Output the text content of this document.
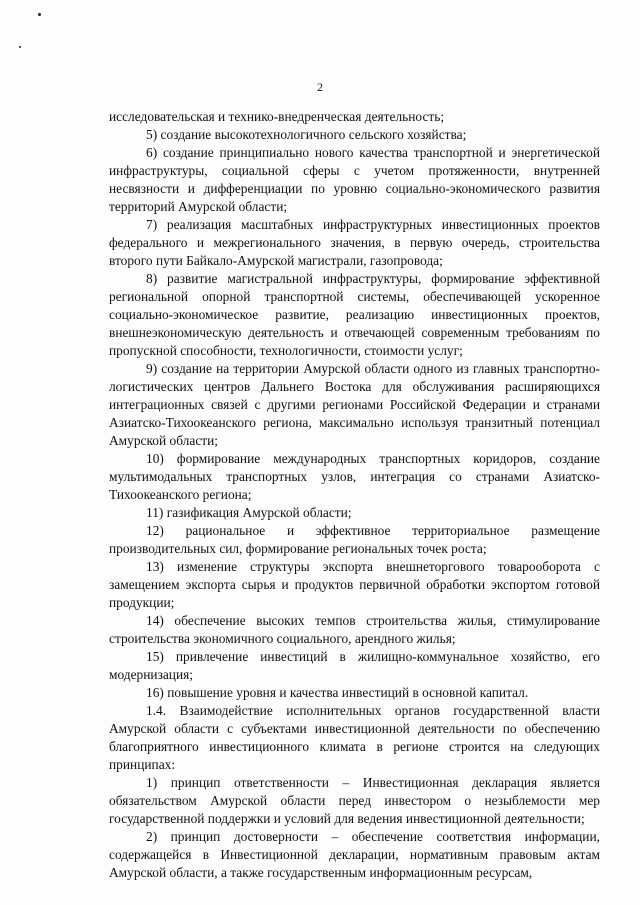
2

исследовательская и технико-внедренческая деятельность;

5) создание высокотехнологичного сельского хозяйства;

6) создание принципиально нового качества транспортной и энергетической инфраструктуры, социальной сферы с учетом протяженности, внутренней несвязности и дифференциации по уровню социально-экономического развития территорий Амурской области;

7) реализация масштабных инфраструктурных инвестиционных проектов федерального и межрегионального значения, в первую очередь, строительства второго пути Байкало-Амурской магистрали, газопровода;

8) развитие магистральной инфраструктуры, формирование эффективной региональной опорной транспортной системы, обеспечивающей ускоренное социально-экономическое развитие, реализацию инвестиционных проектов, внешнеэкономическую деятельность и отвечающей современным требованиям по пропускной способности, технологичности, стоимости услуг;

9) создание на территории Амурской области одного из главных транспортно-логистических центров Дальнего Востока для обслуживания расширяющихся интеграционных связей с другими регионами Российской Федерации и странами Азиатско-Тихоокеанского региона, максимально используя транзитный потенциал Амурской области;

10) формирование международных транспортных коридоров, создание мультимодальных транспортных узлов, интеграция со странами Азиатско-Тихоокеанского региона;

11) газификация Амурской области;

12) рациональное и эффективное территориальное размещение производительных сил, формирование региональных точек роста;

13) изменение структуры экспорта внешнеторгового товарооборота с замещением экспорта сырья и продуктов первичной обработки экспортом готовой продукции;

14) обеспечение высоких темпов строительства жилья, стимулирование строительства экономичного социального, арендного жилья;

15) привлечение инвестиций в жилищно-коммунальное хозяйство, его модернизация;

16) повышение уровня и качества инвестиций в основной капитал.

1.4. Взаимодействие исполнительных органов государственной власти Амурской области с субъектами инвестиционной деятельности по обеспечению благоприятного инвестиционного климата в регионе строится на следующих принципах:

1) принцип ответственности – Инвестиционная декларация является обязательством Амурской области перед инвестором о незыблемости мер государственной поддержки и условий для ведения инвестиционной деятельности;

2) принцип достоверности – обеспечение соответствия информации, содержащейся в Инвестиционной декларации, нормативным правовым актам Амурской области, а также государственным информационным ресурсам,
